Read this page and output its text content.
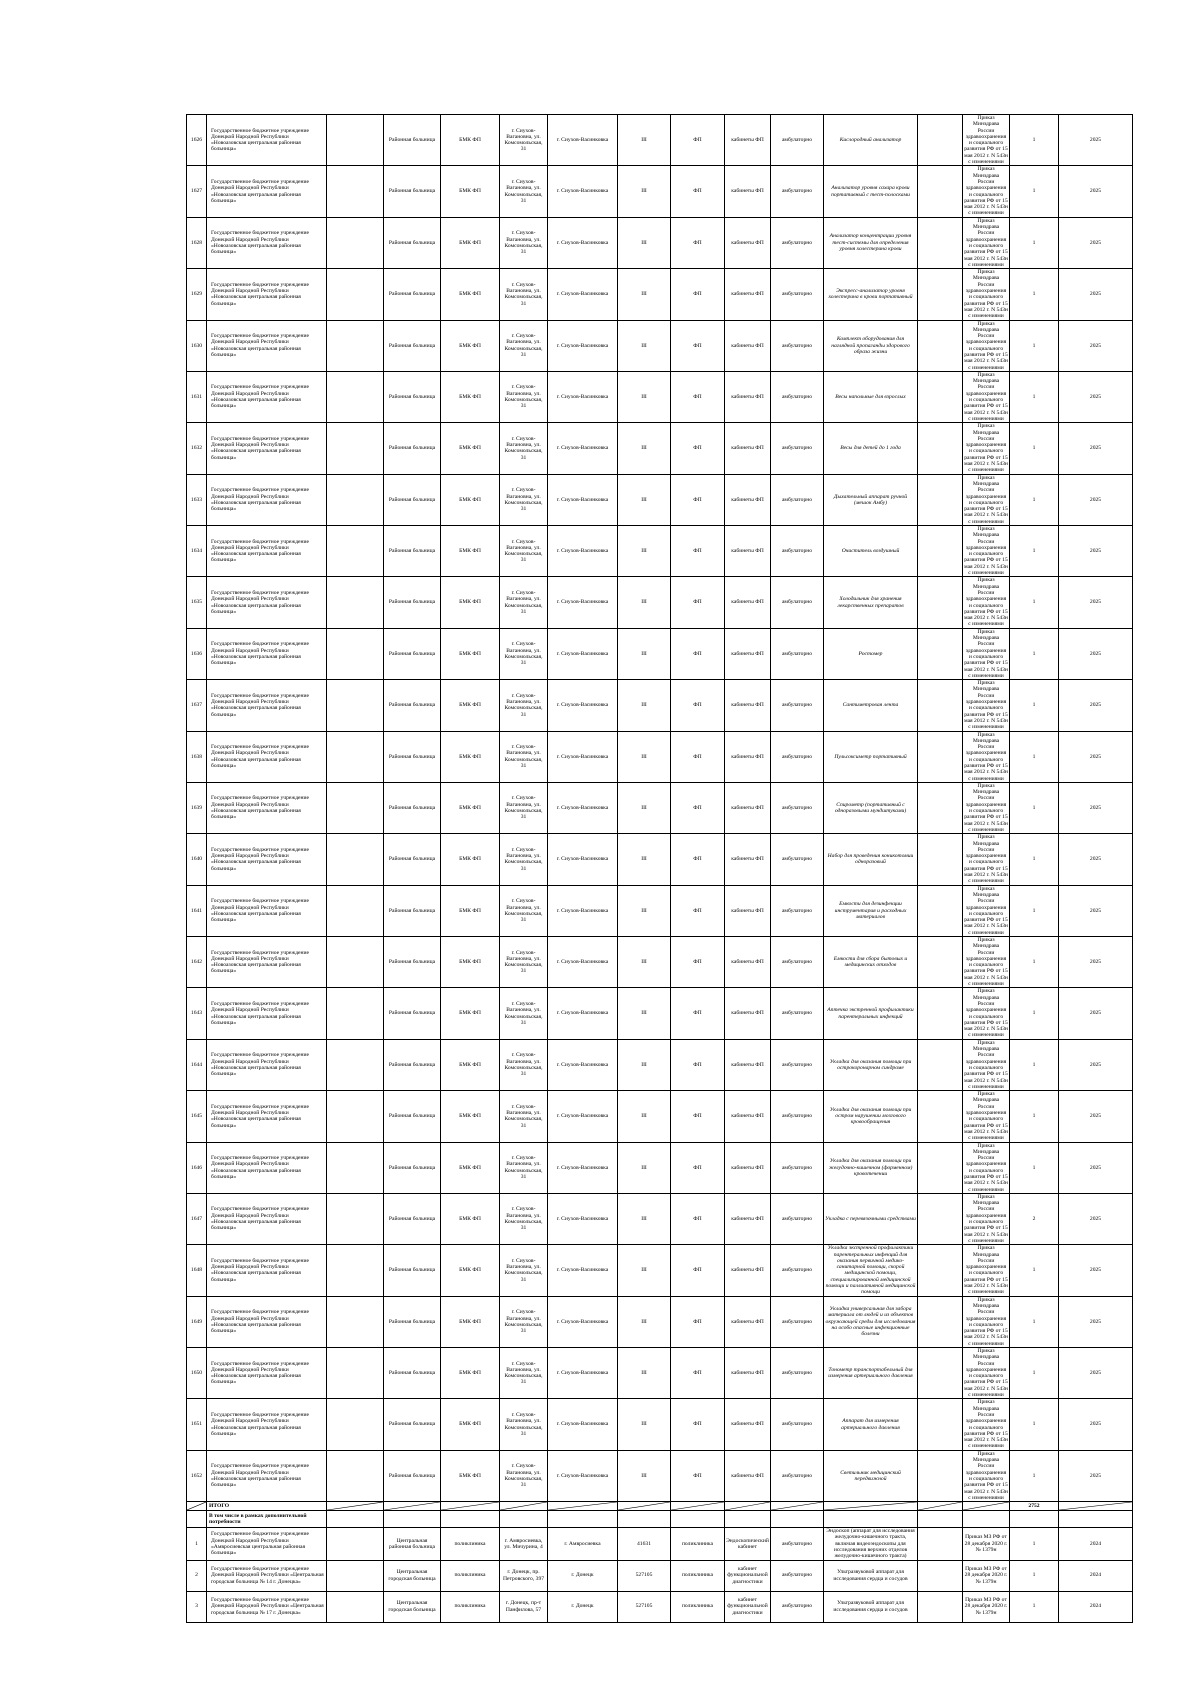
1626	Государственное бюджетное учреждение Донецкой Народной Республики «Новоазовская центральная районная больница»		Районная больница	БМК ФП	г. Сиухов-Вагановна, ул. Комсомольская, 31	г. Сиухов-Васинковка	III	ФП	кабинеты ФП	амбулаторно	Кислородный анализатор		Приказ Минздрава России здравоохранения и социального развития РФ от 15 мая 2012 г. N 543н с изменениями	1	2025
1627	Государственное бюджетное учреждение Донецкой Народной Республики «Новоазовская центральная районная больница»		Районная больница	БМК ФП	г. Сиухов-Вагановна, ул. Комсомольская, 31	г. Сиухов-Васинковка	III	ФП	кабинеты ФП	амбулаторно	Анализатор уровня сахара крови портативный с тест-полосками		Приказ Минздрава России здравоохранения и социального развития РФ от 15 мая 2012 г. N 543н с изменениями	1	2025
1628	Государственное бюджетное учреждение Донецкой Народной Республики «Новоазовская центральная районная больница»		Районная больница	БМК ФП	г. Сиухов-Вагановна, ул. Комсомольская, 31	г. Сиухов-Васинковка	III	ФП	кабинеты ФП	амбулаторно	Анализатор концентрации уровня тест-системы для определения уровня холестерина крови		Приказ Минздрава России здравоохранения и социального развития РФ от 15 мая 2012 г. N 543н с изменениями	1	2025
1629	Государственное бюджетное учреждение Донецкой Народной Республики «Новоазовская центральная районная больница»		Районная больница	БМК ФП	г. Сиухов-Вагановна, ул. Комсомольская, 31	г. Сиухов-Васинковка	III	ФП	кабинеты ФП	амбулаторно	Экспресс-анализатор уровня холестерина в крови портативный		Приказ Минздрава России здравоохранения и социального развития РФ от 15 мая 2012 г. N 543н с изменениями	1	2025
1630	Государственное бюджетное учреждение Донецкой Народной Республики «Новоазовская центральная районная больница»		Районная больница	БМК ФП	г. Сиухов-Вагановна, ул. Комсомольская, 31	г. Сиухов-Васинковка	III	ФП	кабинеты ФП	амбулаторно	Комплект оборудования для наглядной пропаганды здорового образа жизни		Приказ Минздрава России здравоохранения и социального развития РФ от 15 мая 2012 г. N 543н с изменениями	1	2025
1631	Государственное бюджетное учреждение Донецкой Народной Республики «Новоазовская центральная районная больница»		Районная больница	БМК ФП	г. Сиухов-Вагановна, ул. Комсомольская, 31	г. Сиухов-Васинковка	III	ФП	кабинеты ФП	амбулаторно	Весы напольные для взрослых		Приказ Минздрава России здравоохранения и социального развития РФ от 15 мая 2012 г. N 543н с изменениями	1	2025
1632	Государственное бюджетное учреждение Донецкой Народной Республики «Новоазовская центральная районная больница»		Районная больница	БМК ФП	г. Сиухов-Вагановна, ул. Комсомольская, 31	г. Сиухов-Васинковка	III	ФП	кабинеты ФП	амбулаторно	Весы для детей до 1 года		Приказ Минздрава России здравоохранения и социального развития РФ от 15 мая 2012 г. N 543н с изменениями	1	2025
1633	Государственное бюджетное учреждение Донецкой Народной Республики «Новоазовская центральная районная больница»		Районная больница	БМК ФП	г. Сиухов-Вагановна, ул. Комсомольская, 31	г. Сиухов-Васинковка	III	ФП	кабинеты ФП	амбулаторно	Дыхательный аппарат ручной (мешок Амбу)		Приказ Минздрава России здравоохранения и социального развития РФ от 15 мая 2012 г. N 543н с изменениями	1	2025
1634	Государственное бюджетное учреждение Донецкой Народной Республики «Новоазовская центральная районная больница»		Районная больница	БМК ФП	г. Сиухов-Вагановна, ул. Комсомольская, 31	г. Сиухов-Васинковка	III	ФП	кабинеты ФП	амбулаторно	Очиститель воздушный		Приказ Минздрава России здравоохранения и социального развития РФ от 15 мая 2012 г. N 543н с изменениями	1	2025
1635	Государственное бюджетное учреждение Донецкой Народной Республики «Новоазовская центральная районная больница»		Районная больница	БМК ФП	г. Сиухов-Вагановна, ул. Комсомольская, 31	г. Сиухов-Васинковка	III	ФП	кабинеты ФП	амбулаторно	Холодильник для хранения лекарственных препаратов		Приказ Минздрава России здравоохранения и социального развития РФ от 15 мая 2012 г. N 543н с изменениями	1	2025
1636	Государственное бюджетное учреждение Донецкой Народной Республики «Новоазовская центральная районная больница»		Районная больница	БМК ФП	г. Сиухов-Вагановна, ул. Комсомольская, 31	г. Сиухов-Васинковка	III	ФП	кабинеты ФП	амбулаторно	Ростомер		Приказ Минздрава России здравоохранения и социального развития РФ от 15 мая 2012 г. N 543н с изменениями	1	2025
1637	Государственное бюджетное учреждение Донецкой Народной Республики «Новоазовская центральная районная больница»		Районная больница	БМК ФП	г. Сиухов-Вагановна, ул. Комсомольская, 31	г. Сиухов-Васинковка	III	ФП	кабинеты ФП	амбулаторно	Сантиметровая лента		Приказ Минздрава России здравоохранения и социального развития РФ от 15 мая 2012 г. N 543н с изменениями	1	2025
1638	Государственное бюджетное учреждение Донецкой Народной Республики «Новоазовская центральная районная больница»		Районная больница	БМК ФП	г. Сиухов-Вагановна, ул. Комсомольская, 31	г. Сиухов-Васинковка	III	ФП	кабинеты ФП	амбулаторно	Пульсоксиметр портативный		Приказ Минздрава России здравоохранения и социального развития РФ от 15 мая 2012 г. N 543н с изменениями	1	2025
1639	Государственное бюджетное учреждение Донецкой Народной Республики «Новоазовская центральная районная больница»		Районная больница	БМК ФП	г. Сиухов-Вагановна, ул. Комсомольская, 31	г. Сиухов-Васинковка	III	ФП	кабинеты ФП	амбулаторно	Спирометр (портативный с одноразовыми мундштуками)		Приказ Минздрава России здравоохранения и социального развития РФ от 15 мая 2012 г. N 543н с изменениями	1	2025
1640	Государственное бюджетное учреждение Донецкой Народной Республики «Новоазовская центральная районная больница»		Районная больница	БМК ФП	г. Сиухов-Вагановна, ул. Комсомольская, 31	г. Сиухов-Васинковка	III	ФП	кабинеты ФП	амбулаторно	Набор для проведения коникотомии одноразовый		Приказ Минздрава России здравоохранения и социального развития РФ от 15 мая 2012 г. N 543н с изменениями	1	2025
1641	Государственное бюджетное учреждение Донецкой Народной Республики «Новоазовская центральная районная больница»		Районная больница	БМК ФП	г. Сиухов-Вагановна, ул. Комсомольская, 31	г. Сиухов-Васинковка	III	ФП	кабинеты ФП	амбулаторно	Емкости для дезинфекции инструментария и расходных материалов		Приказ Минздрава России здравоохранения и социального развития РФ от 15 мая 2012 г. N 543н с изменениями	1	2025
1642	Государственное бюджетное учреждение Донецкой Народной Республики «Новоазовская центральная районная больница»		Районная больница	БМК ФП	г. Сиухов-Вагановна, ул. Комсомольская, 31	г. Сиухов-Васинковка	III	ФП	кабинеты ФП	амбулаторно	Емкости для сбора бытовых и медицинских отходов		Приказ Минздрава России здравоохранения и социального развития РФ от 15 мая 2012 г. N 543н с изменениями	1	2025
1643	Государственное бюджетное учреждение Донецкой Народной Республики «Новоазовская центральная районная больница»		Районная больница	БМК ФП	г. Сиухов-Вагановна, ул. Комсомольская, 31	г. Сиухов-Васинковка	III	ФП	кабинеты ФП	амбулаторно	Аптечка экстренной профилактики парентеральных инфекций		Приказ Минздрава России здравоохранения и социального развития РФ от 15 мая 2012 г. N 543н с изменениями	1	2025
1644	Государственное бюджетное учреждение Донецкой Народной Республики «Новоазовская центральная районная больница»		Районная больница	БМК ФП	г. Сиухов-Вагановна, ул. Комсомольская, 31	г. Сиухов-Васинковка	III	ФП	кабинеты ФП	амбулаторно	Укладка для оказания помощи при острокоронарном синдроме		Приказ Минздрава России здравоохранения и социального развития РФ от 15 мая 2012 г. N 543н с изменениями	1	2025
1645	Государственное бюджетное учреждение Донецкой Народной Республики «Новоазовская центральная районная больница»		Районная больница	БМК ФП	г. Сиухов-Вагановна, ул. Комсомольская, 31	г. Сиухов-Васинковка	III	ФП	кабинеты ФП	амбулаторно	Укладка для оказания помощи при остром нарушении мозгового кровообращения		Приказ Минздрава России здравоохранения и социального развития РФ от 15 мая 2012 г. N 543н с изменениями	1	2025
1646	Государственное бюджетное учреждение Донецкой Народной Республики «Новоазовская центральная районная больница»		Районная больница	БМК ФП	г. Сиухов-Вагановна, ул. Комсомольская, 31	г. Сиухов-Васинковка	III	ФП	кабинеты ФП	амбулаторно	Укладка для оказания помощи при желудочно-кишечном (форменном) кровотечении		Приказ Минздрава России здравоохранения и социального развития РФ от 15 мая 2012 г. N 543н с изменениями	1	2025
1647	Государственное бюджетное учреждение Донецкой Народной Республики «Новоазовская центральная районная больница»		Районная больница	БМК ФП	г. Сиухов-Вагановна, ул. Комсомольская, 31	г. Сиухов-Васинковка	III	ФП	кабинеты ФП	амбулаторно	Укладка с перевязочными средствами		Приказ Минздрава России здравоохранения и социального развития РФ от 15 мая 2012 г. N 543н с изменениями	2	2025
1648	Государственное бюджетное учреждение Донецкой Народной Республики «Новоазовская центральная районная больница»		Районная больница	БМК ФП	г. Сиухов-Вагановна, ул. Комсомольская, 31	г. Сиухов-Васинковка	III	ФП	кабинеты ФП	амбулаторно	Укладка экстренной профилактики парентеральных инфекций для оказания первичной медико-санитарной помощи, скорой медицинской помощи, специализированной медицинской помощи и паллиативной медицинской помощи		Приказ Минздрава России здравоохранения и социального развития РФ от 15 мая 2012 г. N 543н с изменениями	1	2025
1649	Государственное бюджетное учреждение Донецкой Народной Республики «Новоазовская центральная районная больница»		Районная больница	БМК ФП	г. Сиухов-Вагановна, ул. Комсомольская, 31	г. Сиухов-Васинковка	III	ФП	кабинеты ФП	амбулаторно	Укладка универсальная для забора материала от людей и из объектов окружающей среды для исследования на особо опасные инфекционные болезни		Приказ Минздрава России здравоохранения и социального развития РФ от 15 мая 2012 г. N 543н с изменениями	1	2025
1650	Государственное бюджетное учреждение Донецкой Народной Республики «Новоазовская центральная районная больница»		Районная больница	БМК ФП	г. Сиухов-Вагановна, ул. Комсомольская, 31	г. Сиухов-Васинковка	III	ФП	кабинеты ФП	амбулаторно	Тонометр транспортабельный для измерения артериального давления		Приказ Минздрава России здравоохранения и социального развития РФ от 15 мая 2012 г. N 543н с изменениями	1	2025
1651	Государственное бюджетное учреждение Донецкой Народной Республики «Новоазовская центральная районная больница»		Районная больница	БМК ФП	г. Сиухов-Вагановна, ул. Комсомольская, 31	г. Сиухов-Васинковка	III	ФП	кабинеты ФП	амбулаторно	Аппарат для измерения артериального давления		Приказ Минздрава России здравоохранения и социального развития РФ от 15 мая 2012 г. N 543н с изменениями	1	2025
1652	Государственное бюджетное учреждение Донецкой Народной Республики «Новоазовская центральная районная больница»		Районная больница	БМК ФП	г. Сиухов-Вагановна, ул. Комсомольская, 31	г. Сиухов-Васинковка	III	ФП	кабинеты ФП	амбулаторно	Светильник медицинский передвижной		Приказ Минздрава России здравоохранения и социального развития РФ от 15 мая 2012 г. N 543н с изменениями	1	2025

	ИТОГО													2752	

	В том числе в рамках дополнительной потребности														
1	Государственное бюджетное учреждение Донецкой Народной Республики «Амвросиевская центральная районная больница»		Центральная районная больница	поликлиника	г. Амвросиевка, ул. Мичурина, 4	г. Амвросиевка	41631	поликлиника	Эндоскопический кабинет	амбулаторно	Эндоскоп (аппарат для исследования желудочно-кишечного тракта, включая видеоэндоскопы для исследования верхних отделов желудочно-кишечного тракта)		Приказ МЗ РФ от 28 декабря 2020 г. № 1379н	1	2024
2	Государственное бюджетное учреждение Донецкой Народной Республики «Центральная городская больница № 14 г. Донецка»		Центральная городская больница	поликлиника	г. Донецк, пр. Петровского, 397	г. Донецк	527105	поликлиника	кабинет функциональной диагностики	амбулаторно	Ультразвуковой аппарат для исследования сердца и сосудов		Приказ МЗ РФ от 28 декабря 2020 г. № 1379н	1	2024
3	Государственное бюджетное учреждение Донецкой Народной Республики «Центральная городская больница № 17 г. Донецка»		Центральная городская больница	поликлиника	г. Донецк, пр-т Панфилова, 57	г. Донецк	527105	поликлиника	кабинет функциональной диагностики	амбулаторно	Ультразвуковой аппарат для исследования сердца и сосудов		Приказ МЗ РФ от 28 декабря 2020 г. № 1379н	1	2024
